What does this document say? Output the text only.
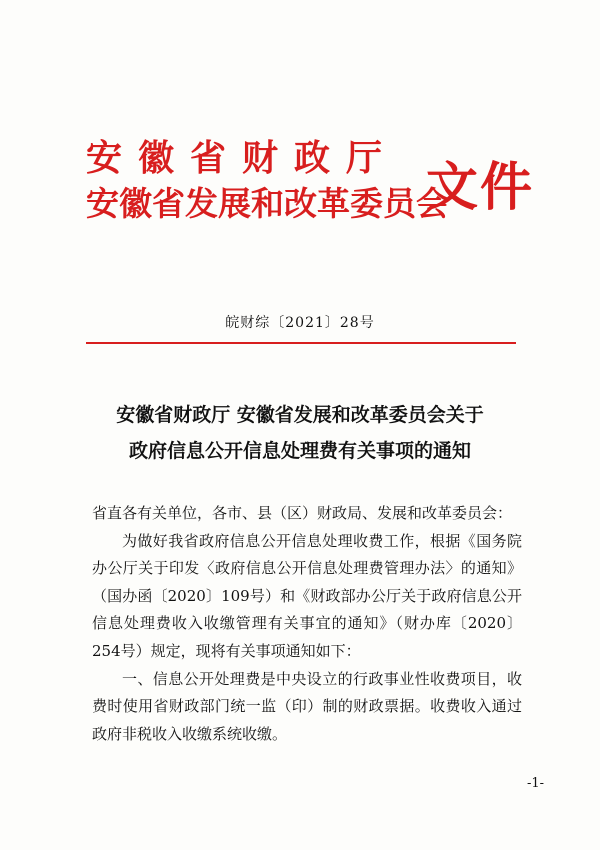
安徽省财政厅
安徽省发展和改革委员会
文件
皖财综〔2021〕28号
安徽省财政厅 安徽省发展和改革委员会关于
政府信息公开信息处理费有关事项的通知

省直各有关单位，各市、县（区）财政局、发展和改革委员会：

为做好我省政府信息公开信息处理收费工作，根据《国务院办公厅关于印发〈政府信息公开信息处理费管理办法〉的通知》（国办函〔2020〕109号）和《财政部办公厅关于政府信息公开信息处理费收入收缴管理有关事宜的通知》（财办库〔2020〕254号）规定，现将有关事项通知如下：

一、信息公开处理费是中央设立的行政事业性收费项目，收费时使用省财政部门统一监（印）制的财政票据。收费收入通过政府非税收入收缴系统收缴。

-1-
